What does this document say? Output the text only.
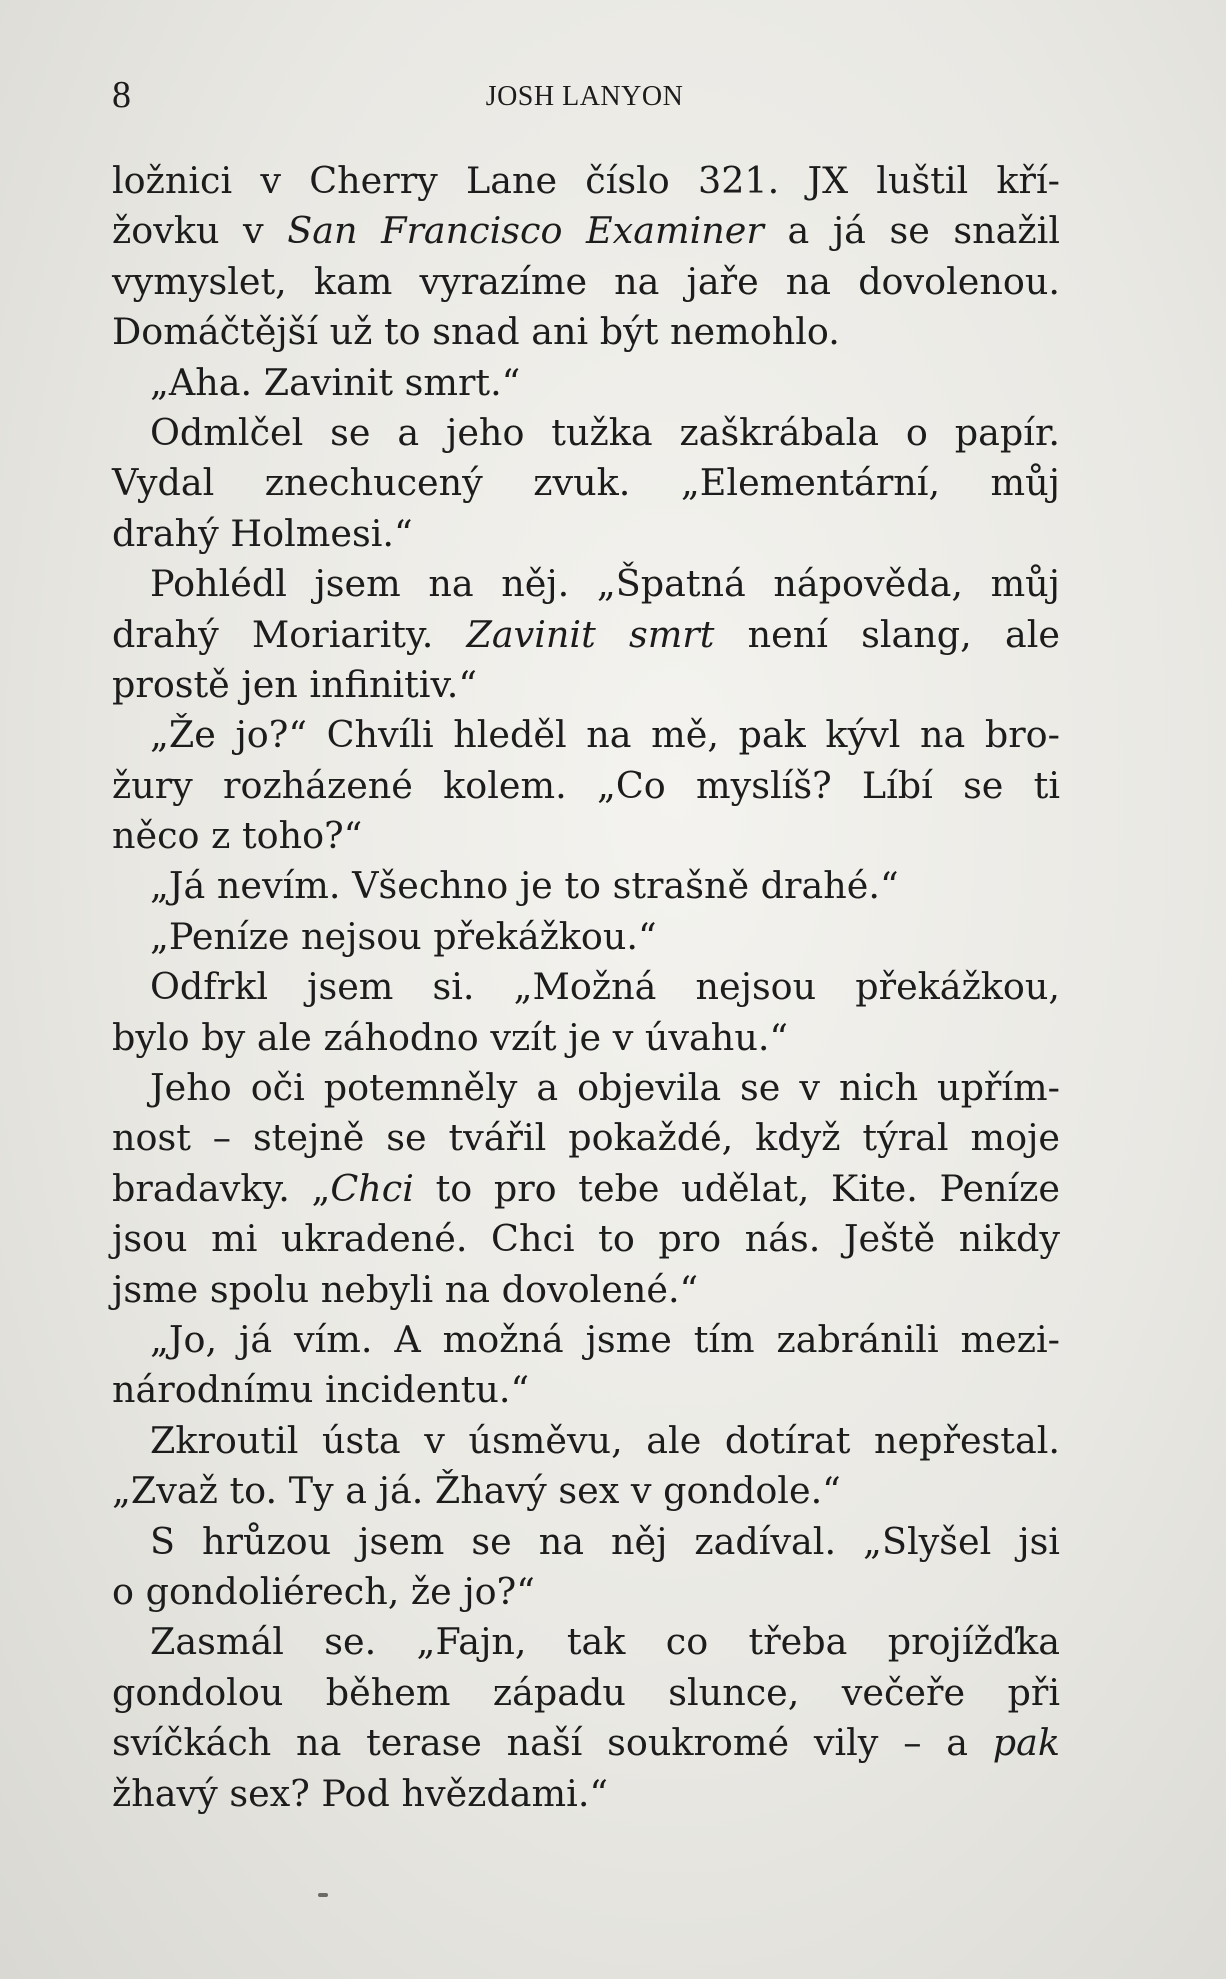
8	JOSH LANYON
ložnici v Cherry Lane číslo 321. JX luštil kří-
žovku v San Francisco Examiner a já se snažil
vymyslet, kam vyrazíme na jaře na dovolenou.
Domáčtější už to snad ani být nemohlo.
„Aha. Zavinit smrt.“
Odmlčel se a jeho tužka zaškrábala o papír.
Vydal znechucený zvuk. „Elementární, můj
drahý Holmesi.“
Pohlédl jsem na něj. „Špatná nápověda, můj
drahý Moriarity. Zavinit smrt není slang, ale
prostě jen infinitiv.“
„Že jo?“ Chvíli hleděl na mě, pak kývl na bro-
žury rozházené kolem. „Co myslíš? Líbí se ti
něco z toho?“
„Já nevím. Všechno je to strašně drahé.“
„Peníze nejsou překážkou.“
Odfrkl jsem si. „Možná nejsou překážkou,
bylo by ale záhodno vzít je v úvahu.“
Jeho oči potemněly a objevila se v nich upřím-
nost – stejně se tvářil pokaždé, když týral moje
bradavky. „Chci to pro tebe udělat, Kite. Peníze
jsou mi ukradené. Chci to pro nás. Ještě nikdy
jsme spolu nebyli na dovolené.“
„Jo, já vím. A možná jsme tím zabránili mezi-
národnímu incidentu.“
Zkroutil ústa v úsměvu, ale dotírat nepřestal.
„Zvaž to. Ty a já. Žhavý sex v gondole.“
S hrůzou jsem se na něj zadíval. „Slyšel jsi
o gondoliérech, že jo?“
Zasmál se. „Fajn, tak co třeba projížďka
gondolou během západu slunce, večeře při
svíčkách na terase naší soukromé vily – a pak
žhavý sex? Pod hvězdami.“
